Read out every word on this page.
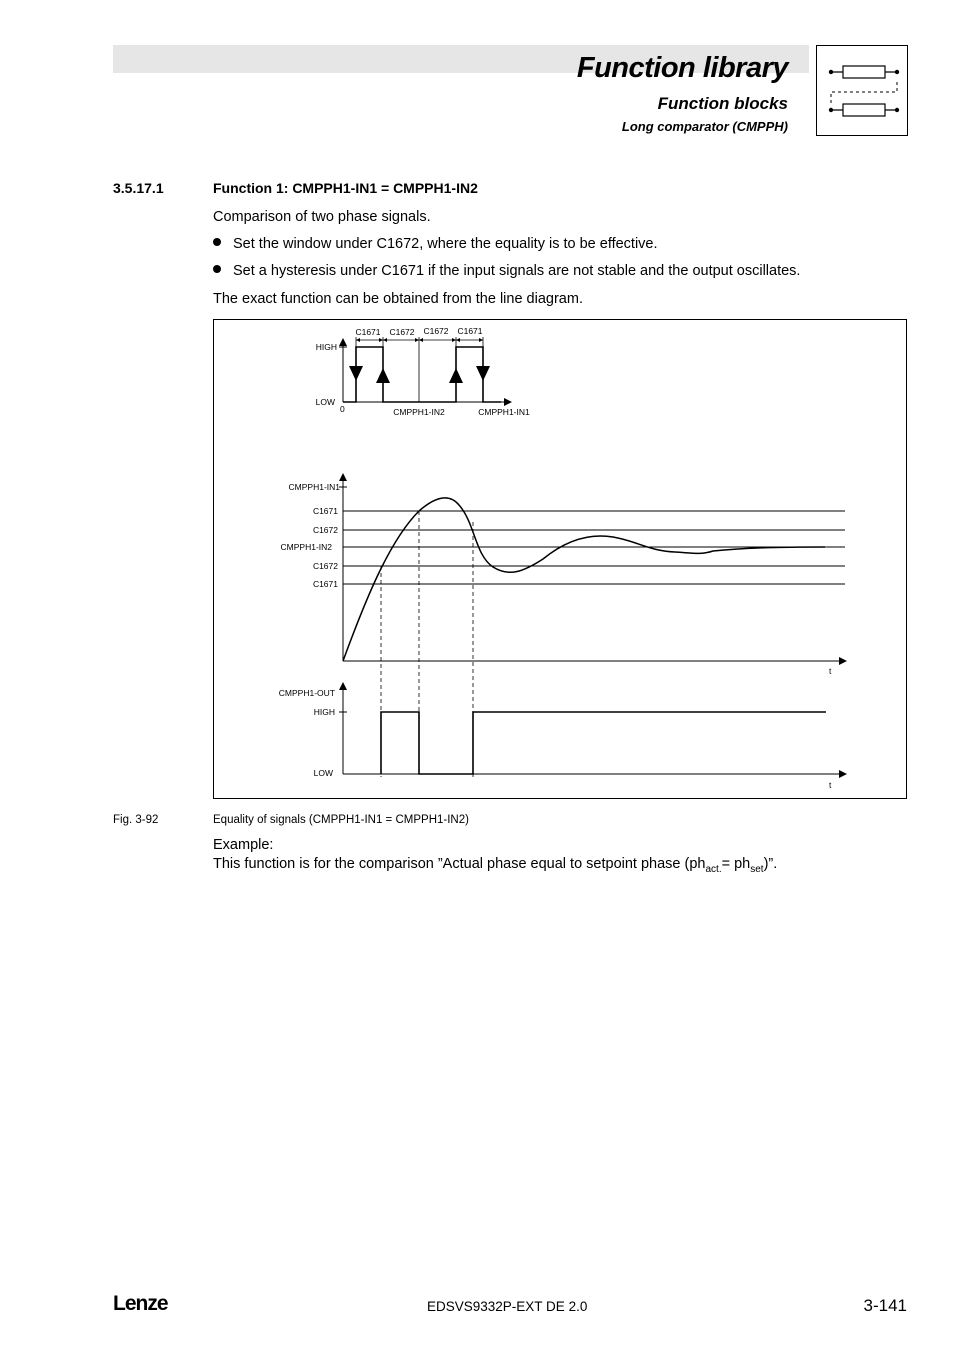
Function library
Function blocks
Long comparator (CMPPH)
3.5.17.1	Function 1: CMPPH1-IN1 = CMPPH1-IN2
Comparison of two phase signals.
Set the window under C1672, where the equality is to be effective.
Set a hysteresis under C1671 if the input signals are not stable and the output oscillates.
The exact function can be obtained from the line diagram.
HIGH
LOW
0
C1671 C1672 C1672 C1671
CMPPH1-IN2	CMPPH1-IN1
t
CMPPH1-IN1
C1671
C1672
CMPPH1-IN2
C1672
C1671
t
CMPPH1-OUT
HIGH
LOW
Fig. 3-92	Equality of signals (CMPPH1-IN1 = CMPPH1-IN2)
Example:
This function is for the comparison ”Actual phase equal to setpoint phase $(ph_{act.}= ph_{set})$”.
Lenze	EDSVS9332P-EXT DE 2.0	3-141
